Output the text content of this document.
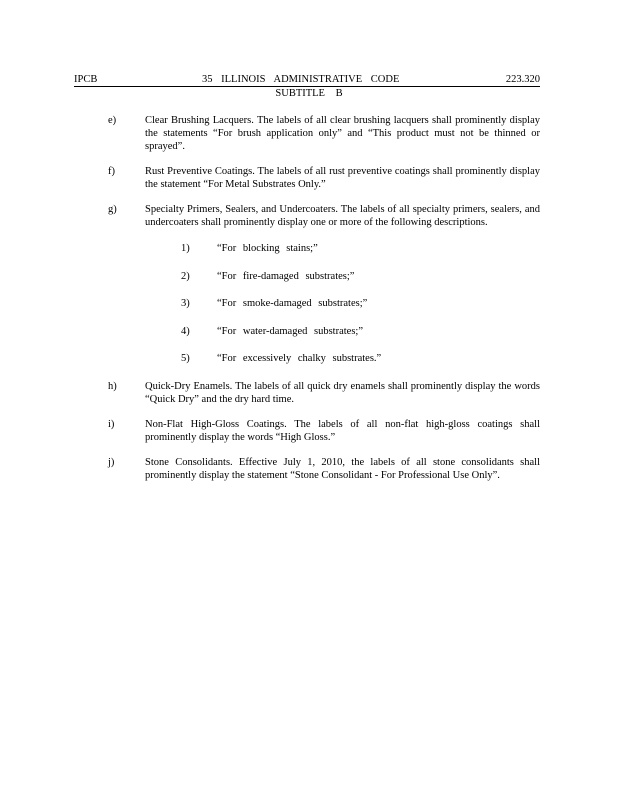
IPCB	35 ILLINOIS ADMINISTRATIVE CODE	223.320
SUBTITLE B
e)	Clear Brushing Lacquers. The labels of all clear brushing lacquers shall prominently display the statements “For brush application only” and “This product must not be thinned or sprayed”.
f)	Rust Preventive Coatings. The labels of all rust preventive coatings shall prominently display the statement “For Metal Substrates Only.”
g)	Specialty Primers, Sealers, and Undercoaters. The labels of all specialty primers, sealers, and undercoaters shall prominently display one or more of the following descriptions.
1)	“For blocking stains;”
2)	“For fire-damaged substrates;”
3)	“For smoke-damaged substrates;”
4)	“For water-damaged substrates;”
5)	“For excessively chalky substrates.”
h)	Quick-Dry Enamels. The labels of all quick dry enamels shall prominently display the words “Quick Dry” and the dry hard time.
i)	Non-Flat High-Gloss Coatings. The labels of all non-flat high-gloss coatings shall prominently display the words “High Gloss.”
j)	Stone Consolidants. Effective July 1, 2010, the labels of all stone consolidants shall prominently display the statement “Stone Consolidant - For Professional Use Only”.
